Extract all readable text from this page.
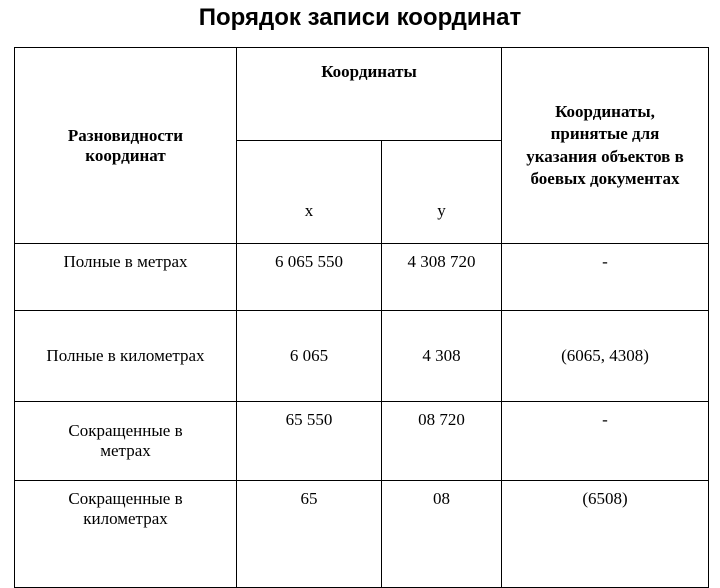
Порядок записи координат
Разновидности координат	Координаты		Координаты, принятые для указания объектов в боевых документах
	x	y	
Полные в метрах	6 065 550	4 308 720	-
Полные в километрах	6 065	4 308	(6065, 4308)
Сокращенные в метрах	65 550	08 720	-
Сокращенные в километрах	65	08	(6508)
